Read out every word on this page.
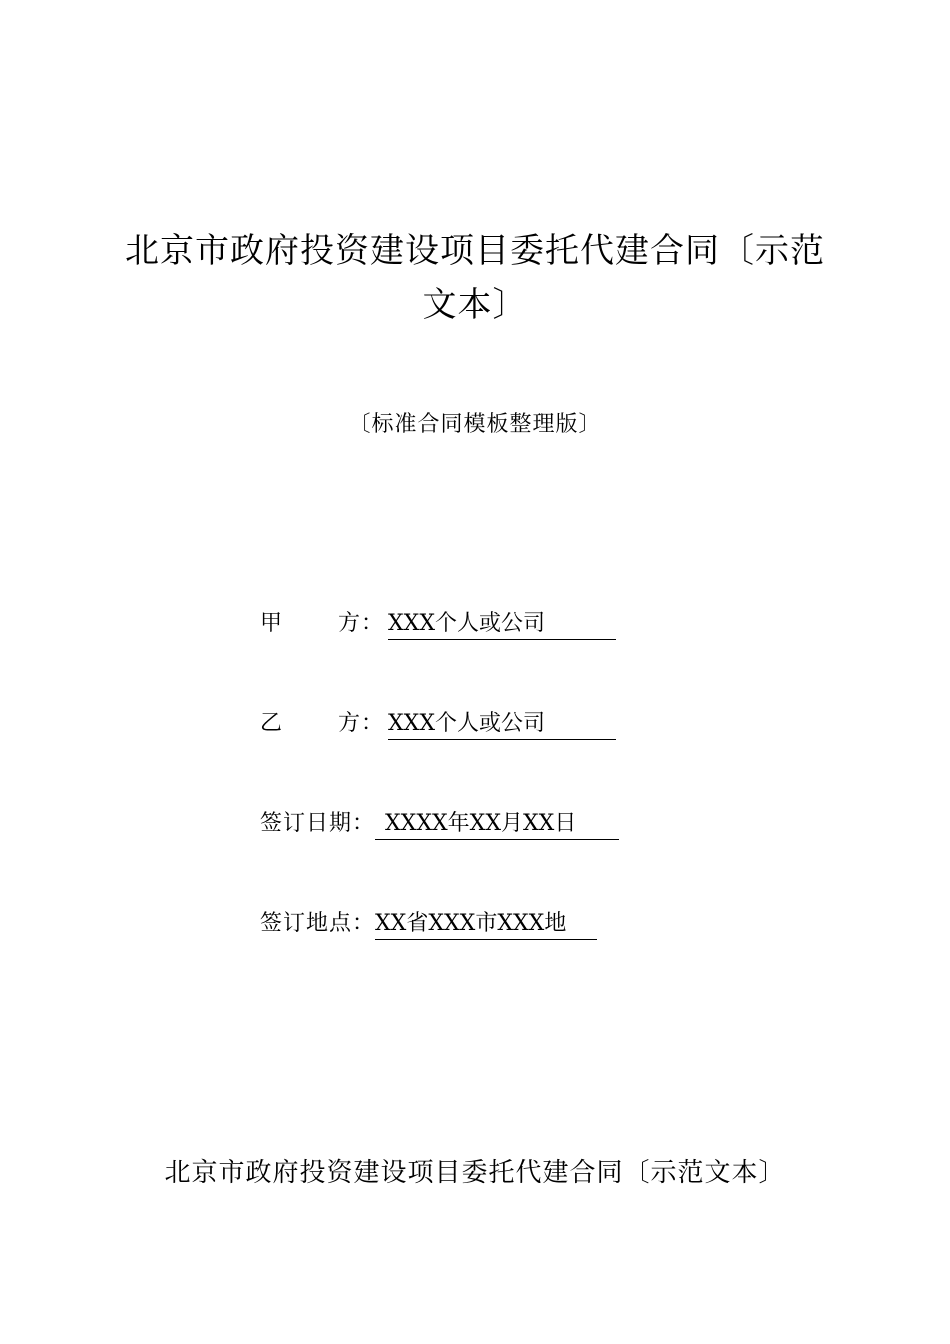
北京市政府投资建设项目委托代建合同〔示范
文本〕
〔标准合同模板整理版〕
甲 方： XXX个人或公司
乙 方： XXX个人或公司
签订日期： XXXX年XX月XX日
签订地点：XX省XXX市XXX地
北京市政府投资建设项目委托代建合同〔示范文本〕
